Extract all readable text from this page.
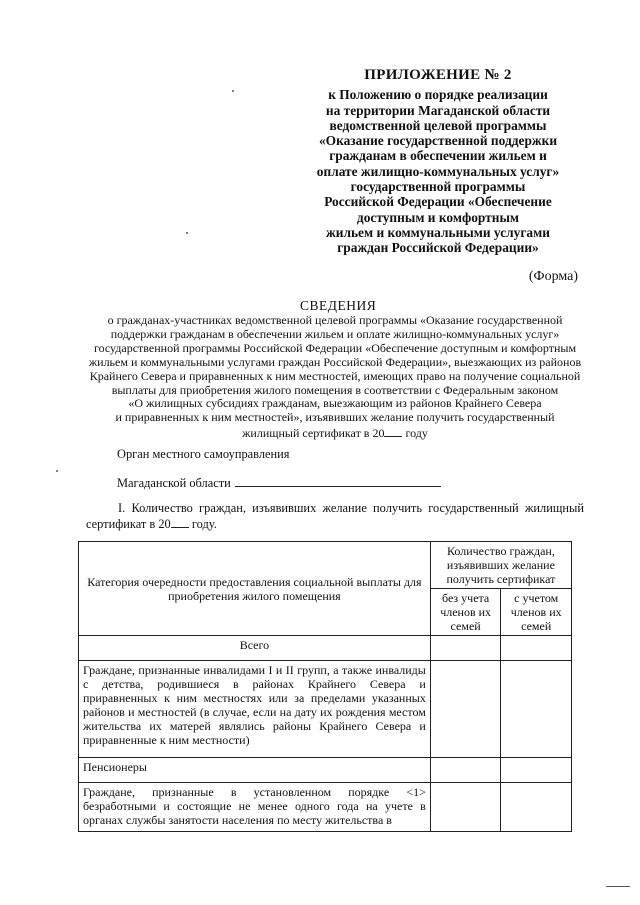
ПРИЛОЖЕНИЕ № 2
к Положению о порядке реализации
на территории Магаданской области
ведомственной целевой программы
«Оказание государственной поддержки
гражданам в обеспечении жильем и
оплате жилищно-коммунальных услуг»
государственной программы
Российской Федерации «Обеспечение
доступным и комфортным
жильем и коммунальными услугами
граждан Российской Федерации»
(Форма)
СВЕДЕНИЯ
о гражданах-участниках ведомственной целевой программы «Оказание государственной
поддержки гражданам в обеспечении жильем и оплате жилищно-коммунальных услуг»
государственной программы Российской Федерации «Обеспечение доступным и комфортным
жильем и коммунальными услугами граждан Российской Федерации», выезжающих из районов
Крайнего Севера и приравненных к ним местностей, имеющих право на получение социальной
выплаты для приобретения жилого помещения в соответствии с Федеральным законом
«О жилищных субсидиях гражданам, выезжающим из районов Крайнего Севера
и приравненных к ним местностей», изъявивших желание получить государственный
жилищный сертификат в 20 году
Орган местного самоуправления
Магаданской области
I. Количество граждан, изъявивших желание получить государственный жилищный сертификат в 20 году.
Категория очередности предоставления социальной выплаты для приобретения жилого помещения	Количество граждан, изъявивших желание получить сертификат	
	без учета членов их семей	с учетом членов их семей
Всего		
Граждане, признанные инвалидами I и II групп, а также инвалиды с детства, родившиеся в районах Крайнего Севера и приравненных к ним местностях или за пределами указанных районов и местностей (в случае, если на дату их рождения местом жительства их матерей являлись районы Крайнего Севера и приравненные к ним местности)		
Пенсионеры		
Граждане, признанные в установленном порядке <1> безработными и состоящие не менее одного года на учете в органах службы занятости населения по месту жительства в		
